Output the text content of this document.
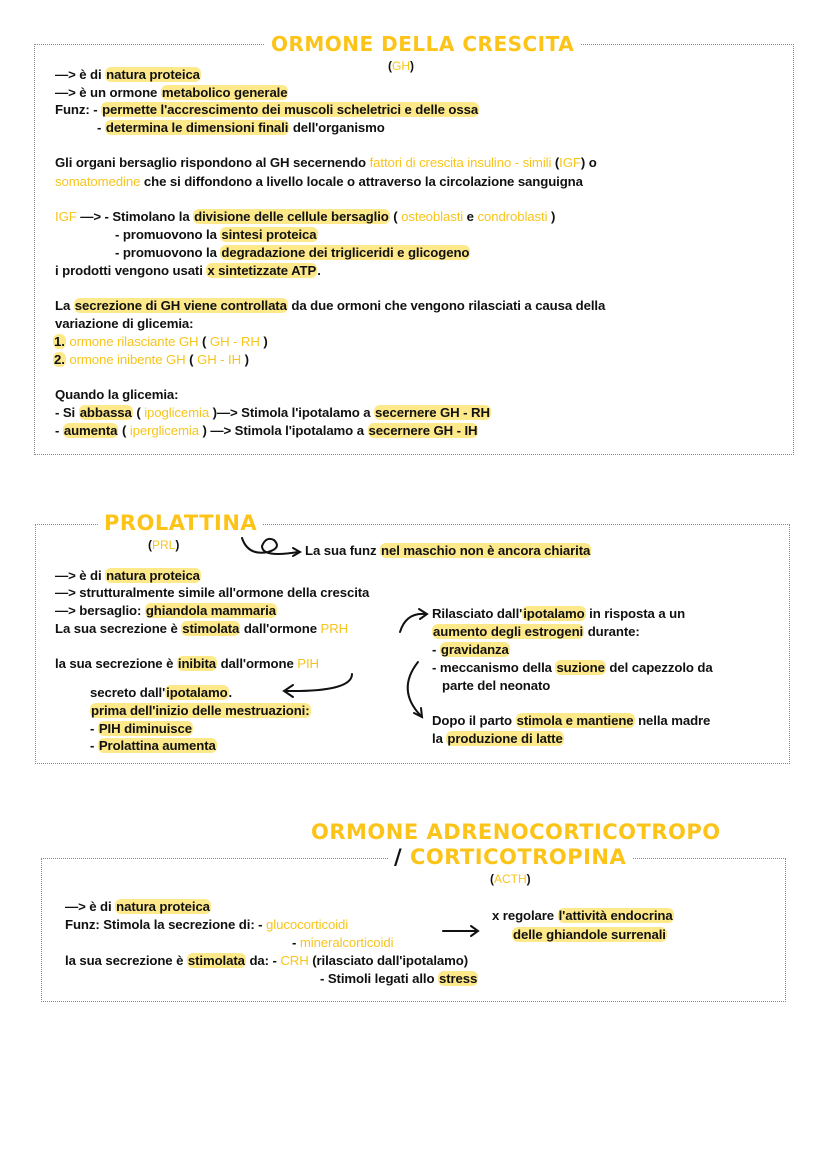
ORMONE DELLA CRESCITA
(GH)
—> è di natura proteica
—> è un ormone metabolico generale
Funz: - permette l'accrescimento dei muscoli scheletrici e delle ossa
- determina le dimensioni finali dell'organismo
Gli organi bersaglio rispondono al GH secernendo fattori di crescita insulino - simili (IGF) o
somatomedine che si diffondono a livello locale o attraverso la circolazione sanguigna
IGF —> - Stimolano la divisione delle cellule bersaglio ( osteoblasti e condroblasti )
- promuovono la sintesi proteica
- promuovono la degradazione dei trigliceridi e glicogeno
i prodotti vengono usati x sintetizzate ATP.
La secrezione di GH viene controllata da due ormoni che vengono rilasciati a causa della
variazione di glicemia:
1. ormone rilasciante GH ( GH - RH )
2. ormone inibente GH ( GH - IH )
Quando la glicemia:
- Si abbassa ( ipoglicemia )—> Stimola l'ipotalamo a secernere GH - RH
- aumenta ( iperglicemia ) —> Stimola l'ipotalamo a secernere GH - IH
PROLATTINA
(PRL)	La sua funz nel maschio non è ancora chiarita
—> è di natura proteica
—> strutturalmente simile all'ormone della crescita
—> bersaglio: ghiandola mammaria
La sua secrezione è stimolata dall'ormone PRH
la sua secrezione è inibita dall'ormone PIH
secreto dall'ipotalamo.
prima dell'inizio delle mestruazioni:
- PIH diminuisce
- Prolattina aumenta
Rilasciato dall'ipotalamo in risposta a un
aumento degli estrogeni durante:
- gravidanza
- meccanismo della suzione del capezzolo da
parte del neonato
Dopo il parto stimola e mantiene nella madre
la produzione di latte
ORMONE ADRENOCORTICOTROPO
/ CORTICOTROPINA
(ACTH)
—> è di natura proteica
Funz: Stimola la secrezione di: - glucocorticoidi
- mineralcorticoidi
la sua secrezione è stimolata da: - CRH (rilasciato dall'ipotalamo)
- Stimoli legati allo stress
x regolare l'attività endocrina
delle ghiandole surrenali
